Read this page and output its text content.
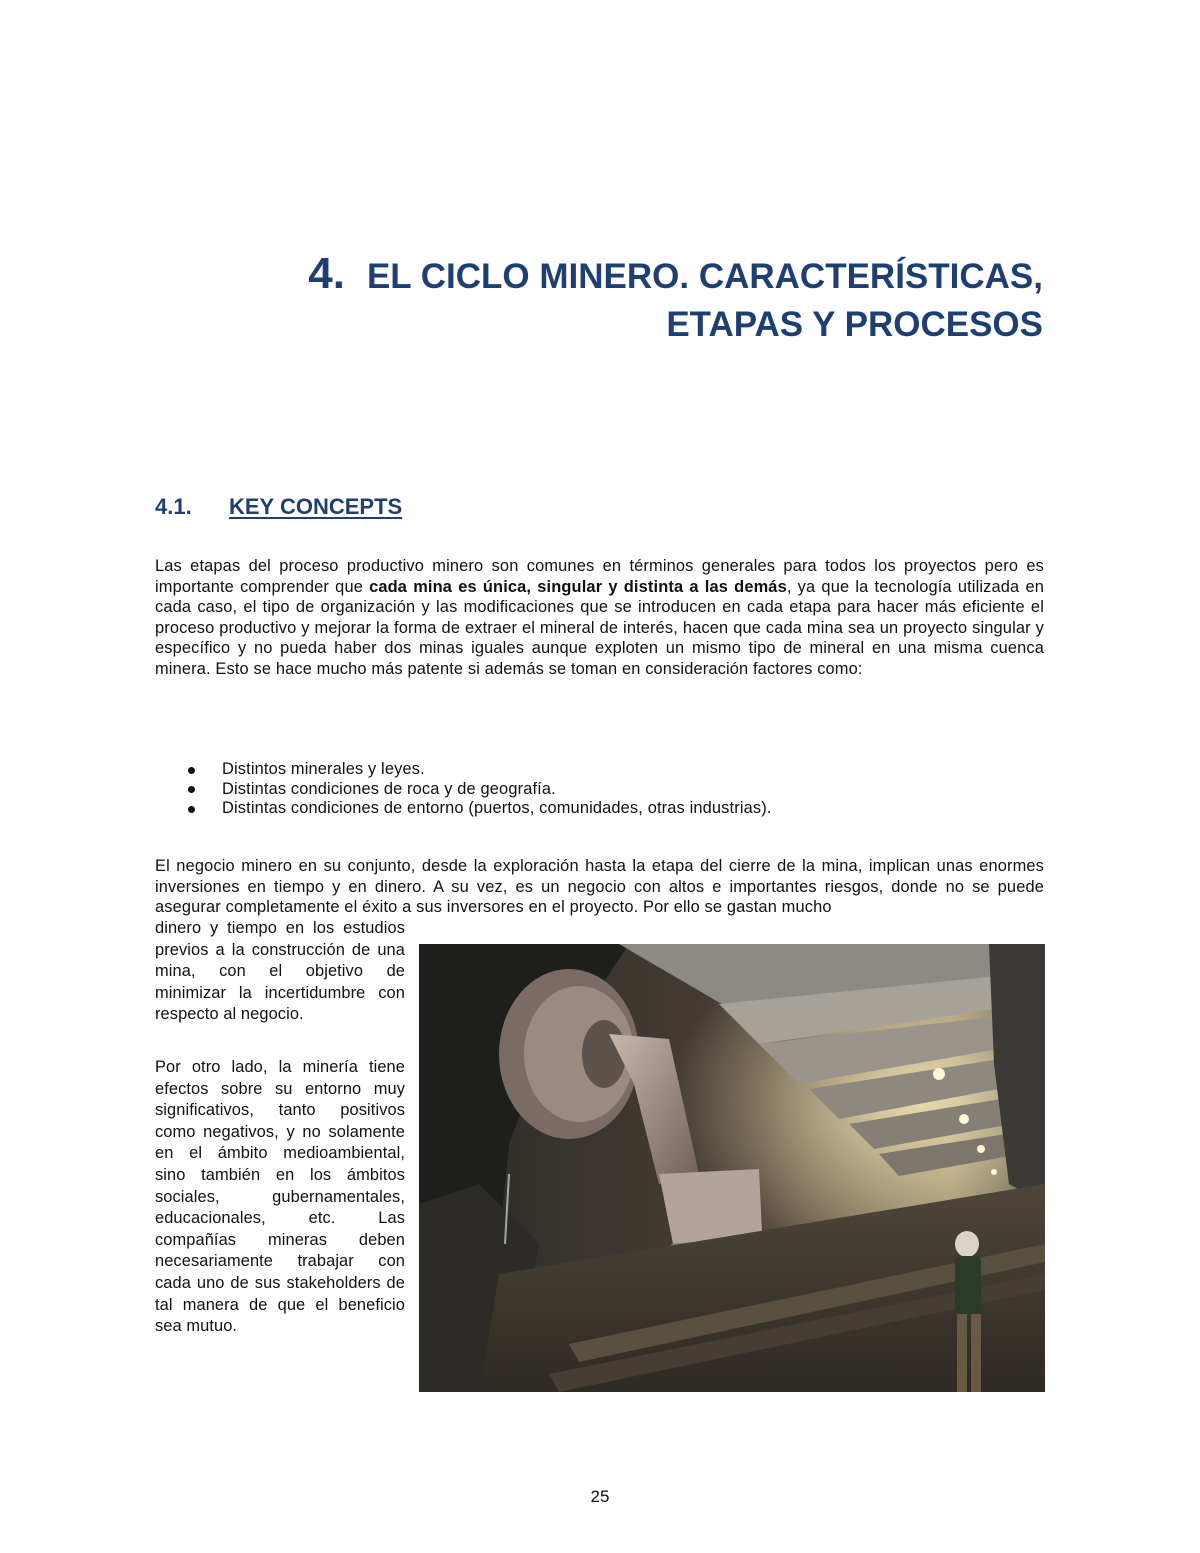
4. EL CICLO MINERO. CARACTERÍSTICAS,
ETAPAS Y PROCESOS
4.1. KEY CONCEPTS
Las etapas del proceso productivo minero son comunes en términos generales para todos los proyectos pero es importante comprender que cada mina es única, singular y distinta a las demás, ya que la tecnología utilizada en cada caso, el tipo de organización y las modificaciones que se introducen en cada etapa para hacer más eficiente el proceso productivo y mejorar la forma de extraer el mineral de interés, hacen que cada mina sea un proyecto singular y específico y no pueda haber dos minas iguales aunque exploten un mismo tipo de mineral en una misma cuenca minera. Esto se hace mucho más patente si además se toman en consideración factores como:
Distintos minerales y leyes.
Distintas condiciones de roca y de geografía.
Distintas condiciones de entorno (puertos, comunidades, otras industrias).
El negocio minero en su conjunto, desde la exploración hasta la etapa del cierre de la mina, implican unas enormes inversiones en tiempo y en dinero. A su vez, es un negocio con altos e importantes riesgos, donde no se puede asegurar completamente el éxito a sus inversores en el proyecto. Por ello se gastan mucho
dinero y tiempo en los estudios previos a la construcción de una mina, con el objetivo de minimizar la incertidumbre con respecto al negocio.
Por otro lado, la minería tiene efectos sobre su entorno muy significativos, tanto positivos como negativos, y no solamente en el ámbito medioambiental, sino también en los ámbitos sociales, gubernamentales, educacionales, etc. Las compañías mineras deben necesariamente trabajar con cada uno de sus stakeholders de tal manera de que el beneficio sea mutuo.
25
